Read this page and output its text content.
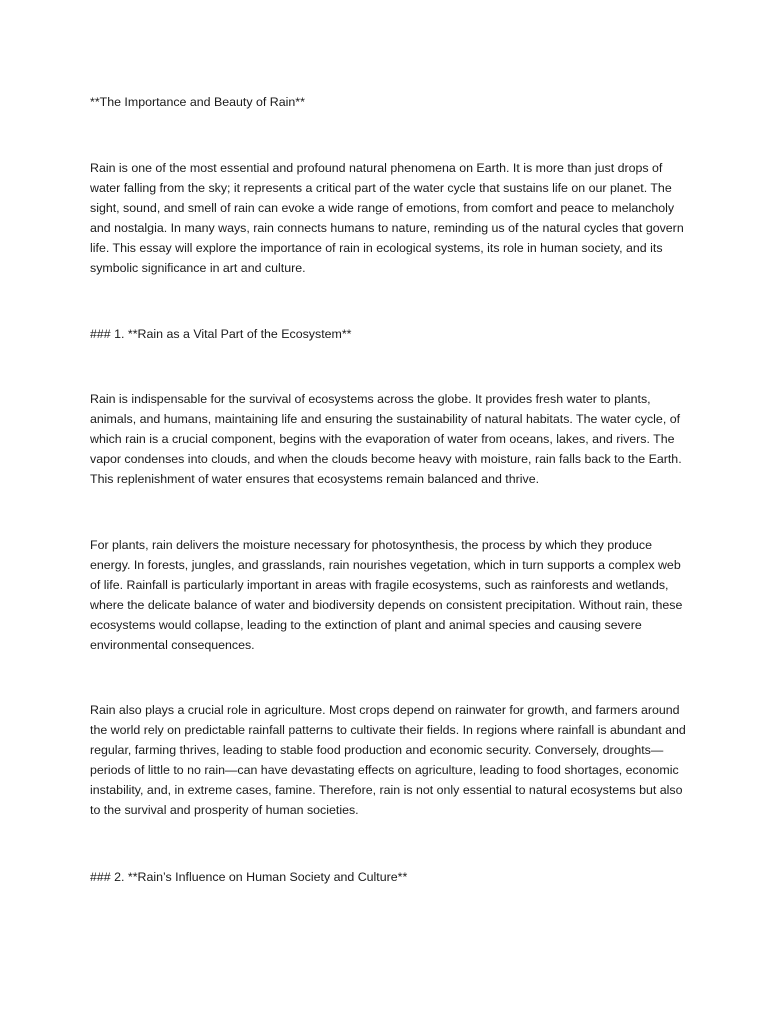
**The Importance and Beauty of Rain**
Rain is one of the most essential and profound natural phenomena on Earth. It is more than just drops of water falling from the sky; it represents a critical part of the water cycle that sustains life on our planet. The sight, sound, and smell of rain can evoke a wide range of emotions, from comfort and peace to melancholy and nostalgia. In many ways, rain connects humans to nature, reminding us of the natural cycles that govern life. This essay will explore the importance of rain in ecological systems, its role in human society, and its symbolic significance in art and culture.
### 1. **Rain as a Vital Part of the Ecosystem**
Rain is indispensable for the survival of ecosystems across the globe. It provides fresh water to plants, animals, and humans, maintaining life and ensuring the sustainability of natural habitats. The water cycle, of which rain is a crucial component, begins with the evaporation of water from oceans, lakes, and rivers. The vapor condenses into clouds, and when the clouds become heavy with moisture, rain falls back to the Earth. This replenishment of water ensures that ecosystems remain balanced and thrive.
For plants, rain delivers the moisture necessary for photosynthesis, the process by which they produce energy. In forests, jungles, and grasslands, rain nourishes vegetation, which in turn supports a complex web of life. Rainfall is particularly important in areas with fragile ecosystems, such as rainforests and wetlands, where the delicate balance of water and biodiversity depends on consistent precipitation. Without rain, these ecosystems would collapse, leading to the extinction of plant and animal species and causing severe environmental consequences.
Rain also plays a crucial role in agriculture. Most crops depend on rainwater for growth, and farmers around the world rely on predictable rainfall patterns to cultivate their fields. In regions where rainfall is abundant and regular, farming thrives, leading to stable food production and economic security. Conversely, droughts—periods of little to no rain—can have devastating effects on agriculture, leading to food shortages, economic instability, and, in extreme cases, famine. Therefore, rain is not only essential to natural ecosystems but also to the survival and prosperity of human societies.
### 2. **Rain’s Influence on Human Society and Culture**
